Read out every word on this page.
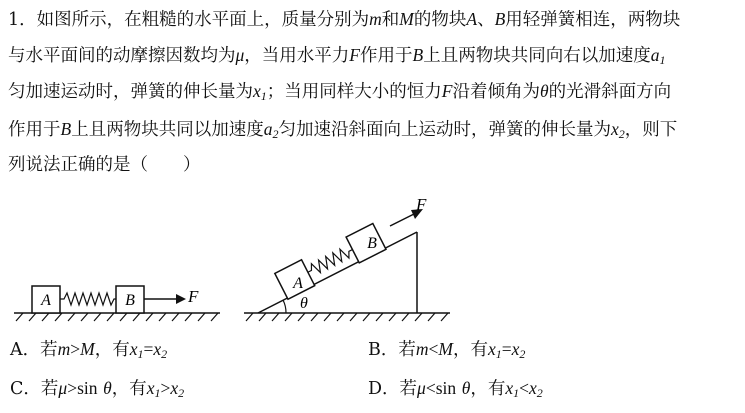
1．如图所示，在粗糙的水平面上，质量分别为m和M的物块A、B用轻弹簧相连，两物块
与水平面间的动摩擦因数均为μ，当用水平力F作用于B上且两物块共同向右以加速度$a_1$
匀加速运动时，弹簧的伸长量为$x_1$；当用同样大小的恒力F沿着倾角为θ的光滑斜面方向
作用于B上且两物块共同以加速度$a_2$匀加速沿斜面向上运动时，弹簧的伸长量为$x_2$，则下
列说法正确的是（　　）
A	B	F	θ
A
B
F
A．若m>M，有$x_1=x_2$	B．若m<M，有$x_1=x_2$
C．若μ>sin θ，有$x_1>x_2$	D．若μ<sin θ，有$x_1<x_2$
